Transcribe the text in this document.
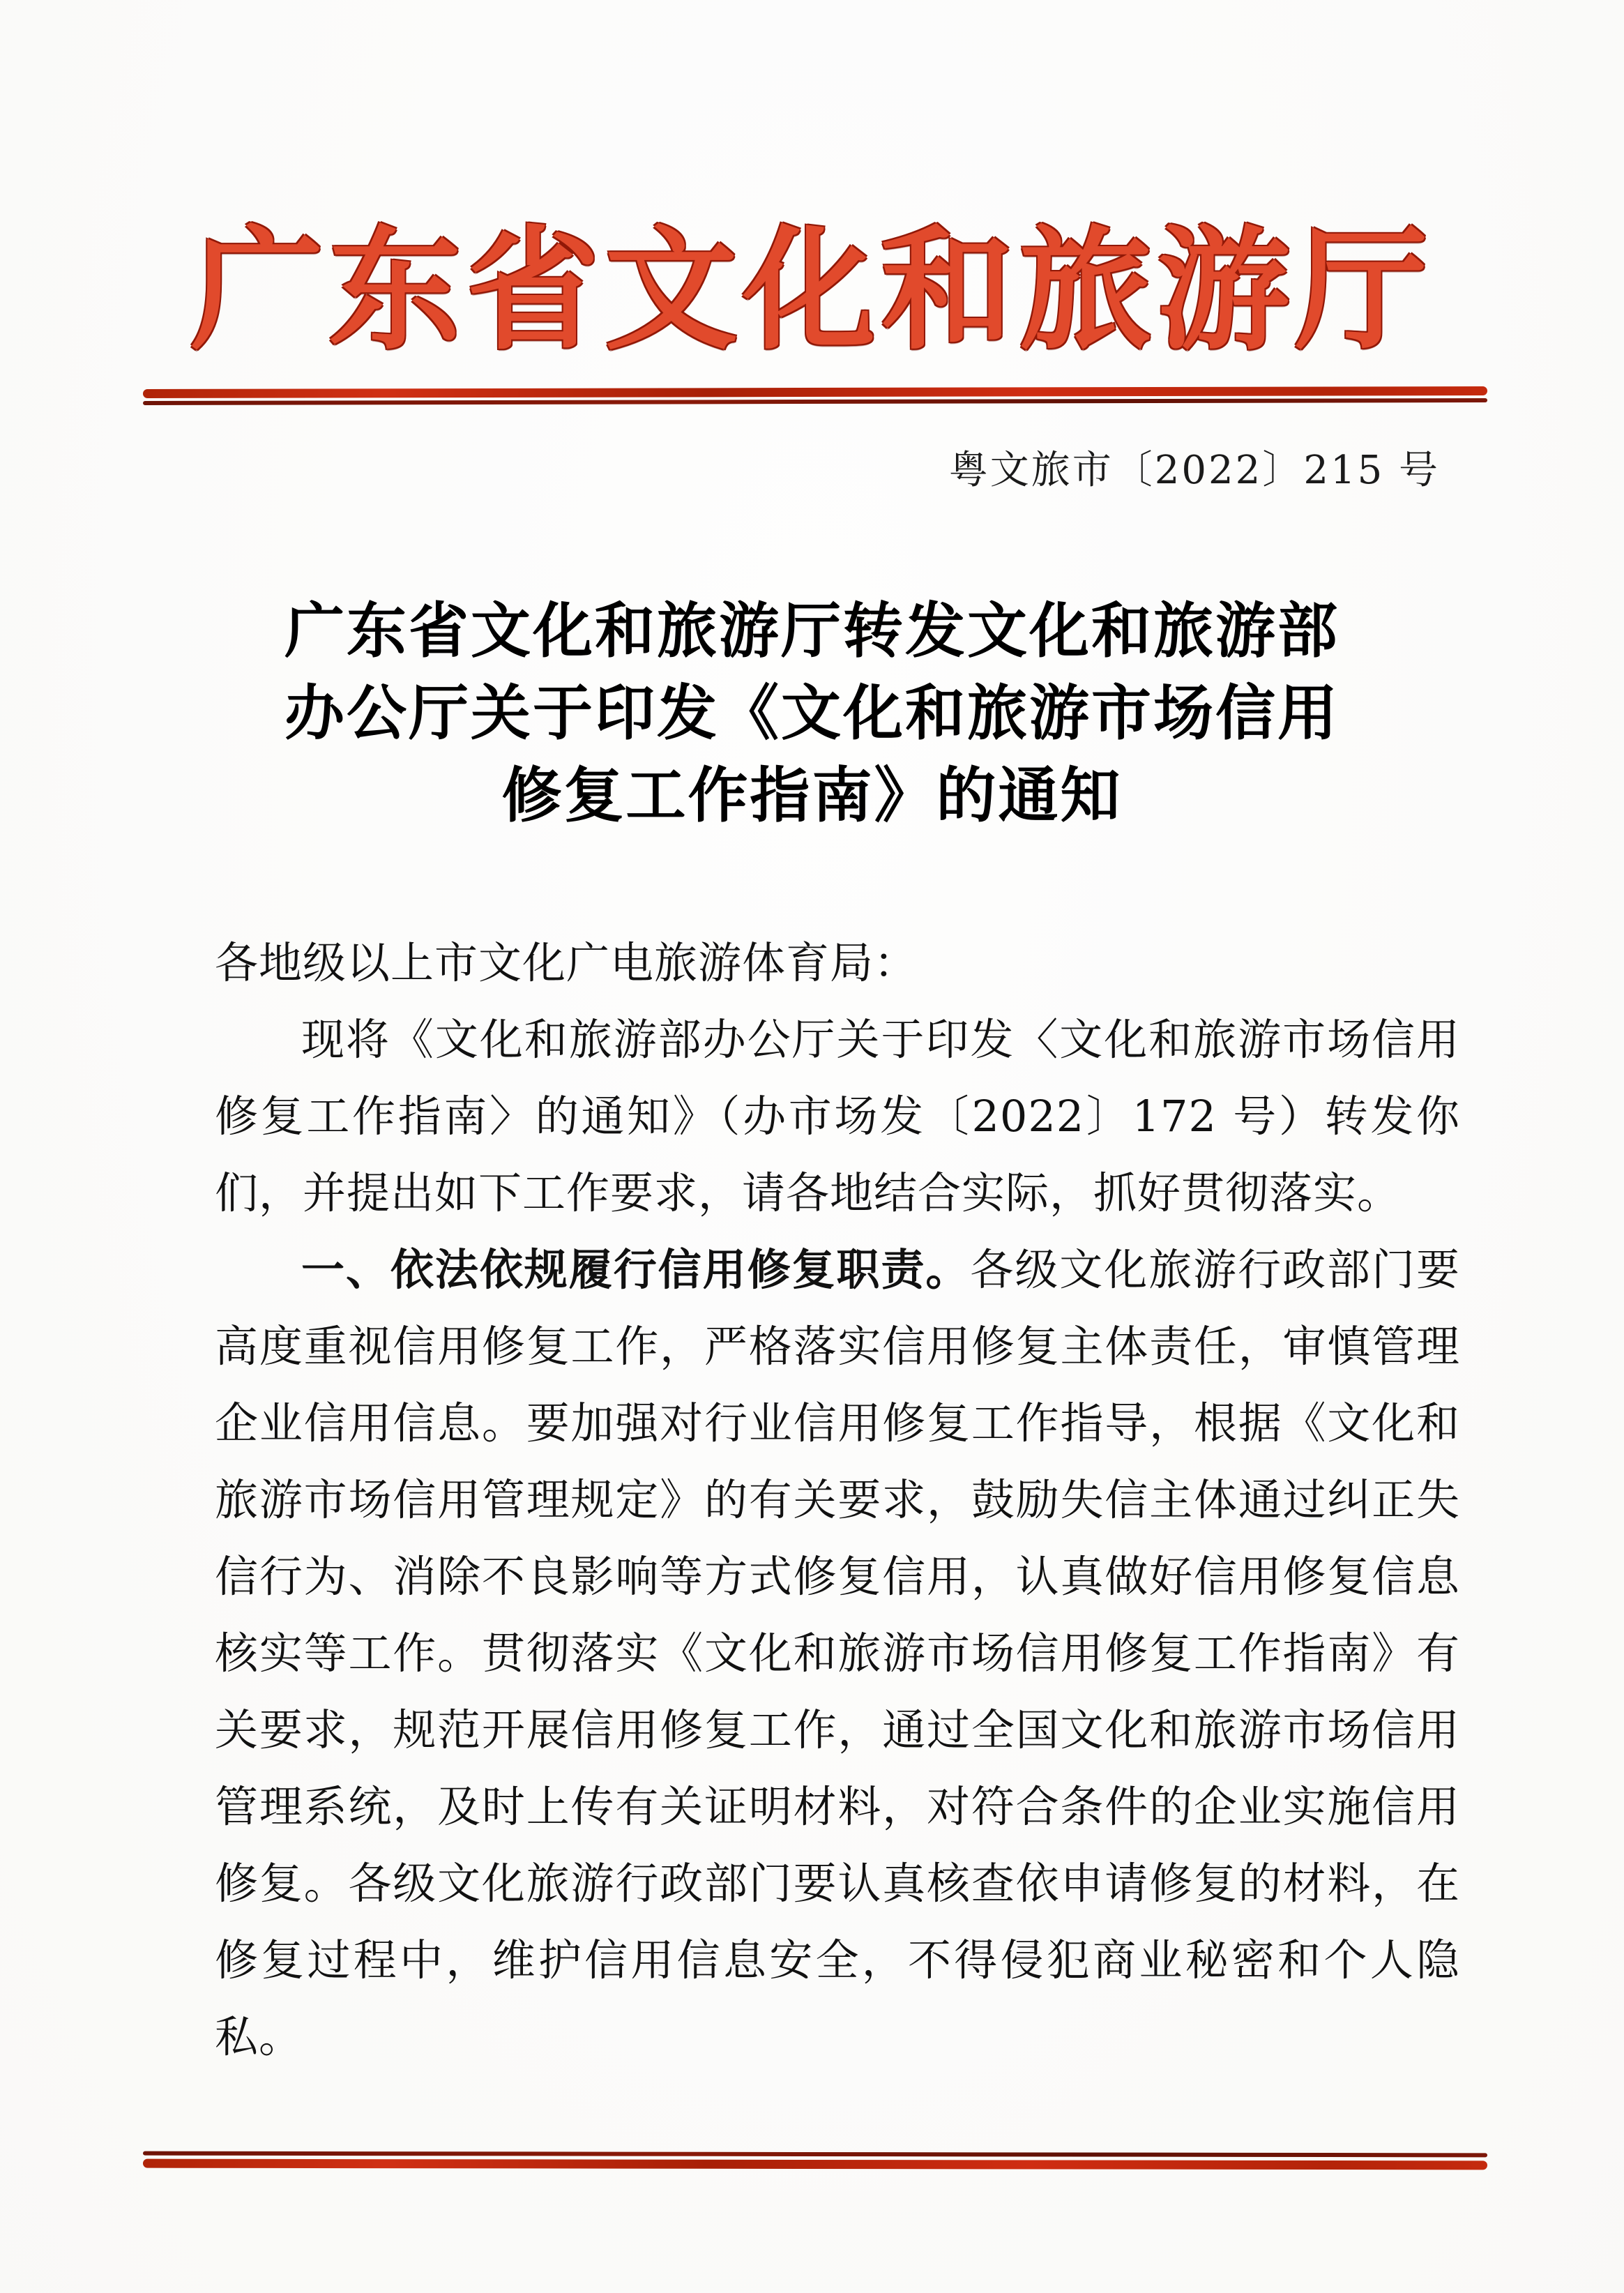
广东省文化和旅游厅
粤文旅市〔2022〕215 号
广东省文化和旅游厅转发文化和旅游部
办公厅关于印发《文化和旅游市场信用
修复工作指南》的通知

各地级以上市文化广电旅游体育局：

现将《文化和旅游部办公厅关于印发〈文化和旅游市场信用修复工作指南〉的通知》（办市场发〔2022〕172 号）转发你们，并提出如下工作要求，请各地结合实际，抓好贯彻落实。

一、依法依规履行信用修复职责。各级文化旅游行政部门要高度重视信用修复工作，严格落实信用修复主体责任，审慎管理企业信用信息。要加强对行业信用修复工作指导，根据《文化和旅游市场信用管理规定》的有关要求，鼓励失信主体通过纠正失信行为、消除不良影响等方式修复信用，认真做好信用修复信息核实等工作。贯彻落实《文化和旅游市场信用修复工作指南》有关要求，规范开展信用修复工作，通过全国文化和旅游市场信用管理系统，及时上传有关证明材料，对符合条件的企业实施信用修复。各级文化旅游行政部门要认真核查依申请修复的材料，在修复过程中，维护信用信息安全，不得侵犯商业秘密和个人隐私。
